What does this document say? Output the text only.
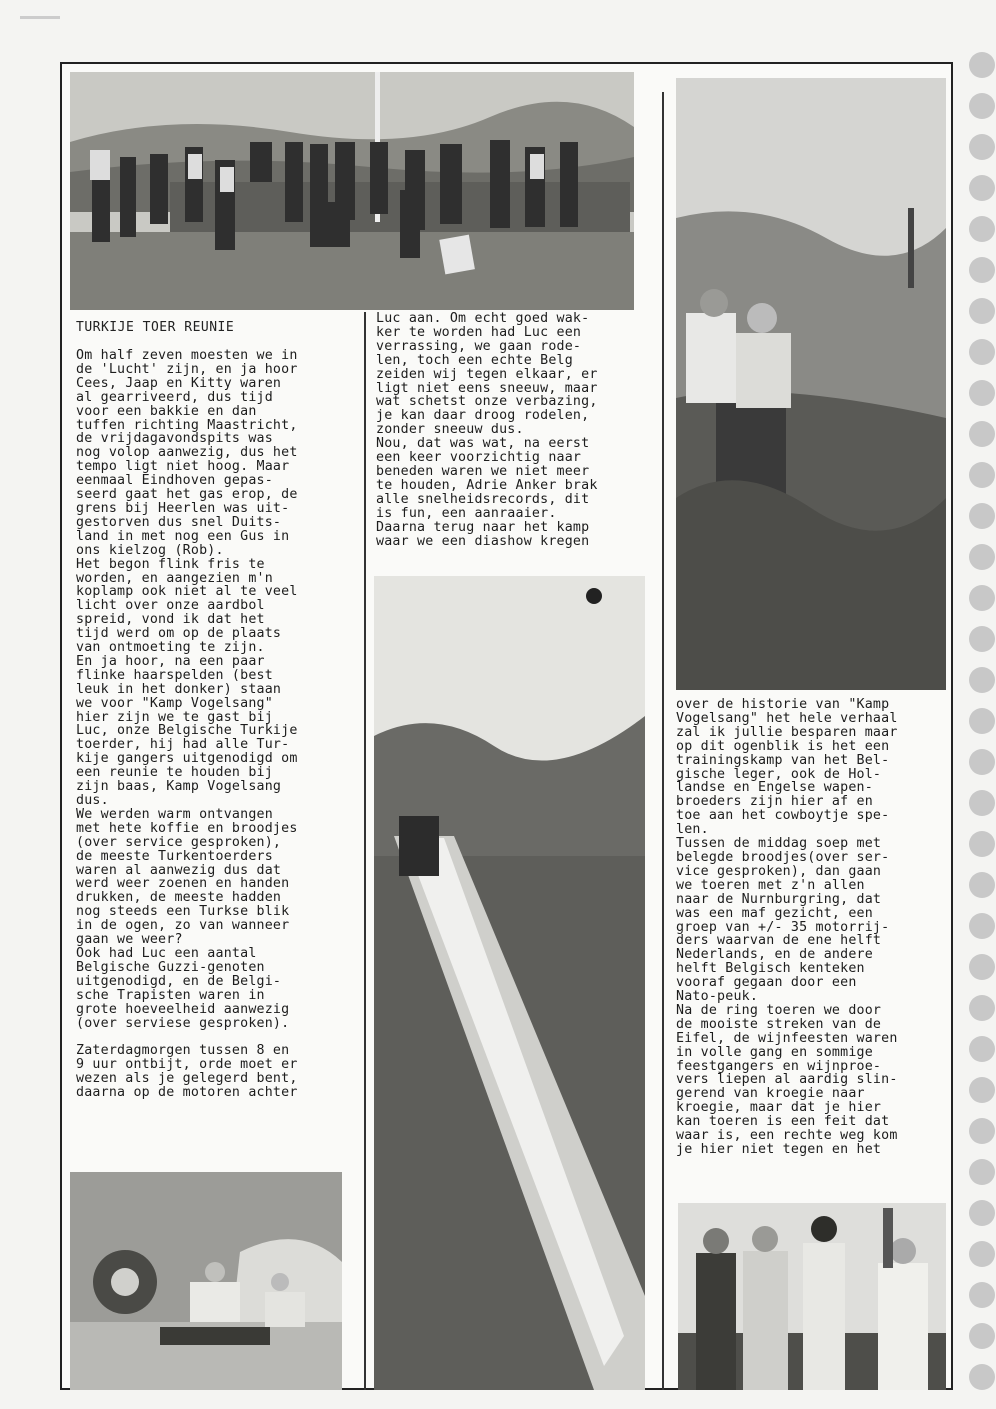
TURKIJE TOER REUNIE
Om half zeven moesten we in
de 'Lucht' zijn, en ja hoor
Cees, Jaap en Kitty waren
al gearriveerd, dus tijd
voor een bakkie en dan
tuffen richting Maastricht,
de vrijdagavondspits was
nog volop aanwezig, dus het
tempo ligt niet hoog. Maar
eenmaal Eindhoven gepas-
seerd gaat het gas erop, de
grens bij Heerlen was uit-
gestorven dus snel Duits-
land in met nog een Gus in
ons kielzog (Rob).
Het begon flink fris te
worden, en aangezien m'n
koplamp ook niet al te veel
licht over onze aardbol
spreid, vond ik dat het
tijd werd om op de plaats
van ontmoeting te zijn.
En ja hoor, na een paar
flinke haarspelden (best
leuk in het donker) staan
we voor "Kamp Vogelsang"
hier zijn we te gast bij
Luc, onze Belgische Turkije
toerder, hij had alle Tur-
kije gangers uitgenodigd om
een reunie te houden bij
zijn baas, Kamp Vogelsang
dus.
We werden warm ontvangen
met hete koffie en broodjes
(over service gesproken),
de meeste Turkentoerders
waren al aanwezig dus dat
werd weer zoenen en handen
drukken, de meeste hadden
nog steeds een Turkse blik
in de ogen, zo van wanneer
gaan we weer?
Ook had Luc een aantal
Belgische Guzzi-genoten
uitgenodigd, en de Belgi-
sche Trapisten waren in
grote hoeveelheid aanwezig
(over serviese gesproken).

Zaterdagmorgen tussen 8 en
9 uur ontbijt, orde moet er
wezen als je gelegerd bent,
daarna op de motoren achter
Luc aan. Om echt goed wak-
ker te worden had Luc een
verrassing, we gaan rode-
len, toch een echte Belg
zeiden wij tegen elkaar, er
ligt niet eens sneeuw, maar
wat schetst onze verbazing,
je kan daar droog rodelen,
zonder sneeuw dus.
Nou, dat was wat, na eerst
een keer voorzichtig naar
beneden waren we niet meer
te houden, Adrie Anker brak
alle snelheidsrecords, dit
is fun, een aanraaier.
Daarna terug naar het kamp
waar we een diashow kregen
over de historie van "Kamp
Vogelsang" het hele verhaal
zal ik jullie besparen maar
op dit ogenblik is het een
trainingskamp van het Bel-
gische leger, ook de Hol-
landse en Engelse wapen-
broeders zijn hier af en
toe aan het cowboytje spe-
len.
Tussen de middag soep met
belegde broodjes(over ser-
vice gesproken), dan gaan
we toeren met z'n allen
naar de Nurnburgring, dat
was een maf gezicht, een
groep van +/- 35 motorrij-
ders waarvan de ene helft
Nederlands, en de andere
helft Belgisch kenteken
vooraf gegaan door een
Nato-peuk.
Na de ring toeren we door
de mooiste streken van de
Eifel, de wijnfeesten waren
in volle gang en sommige
feestgangers en wijnproe-
vers liepen al aardig slin-
gerend van kroegie naar
kroegie, maar dat je hier
kan toeren is een feit dat
waar is, een rechte weg kom
je hier niet tegen en het
